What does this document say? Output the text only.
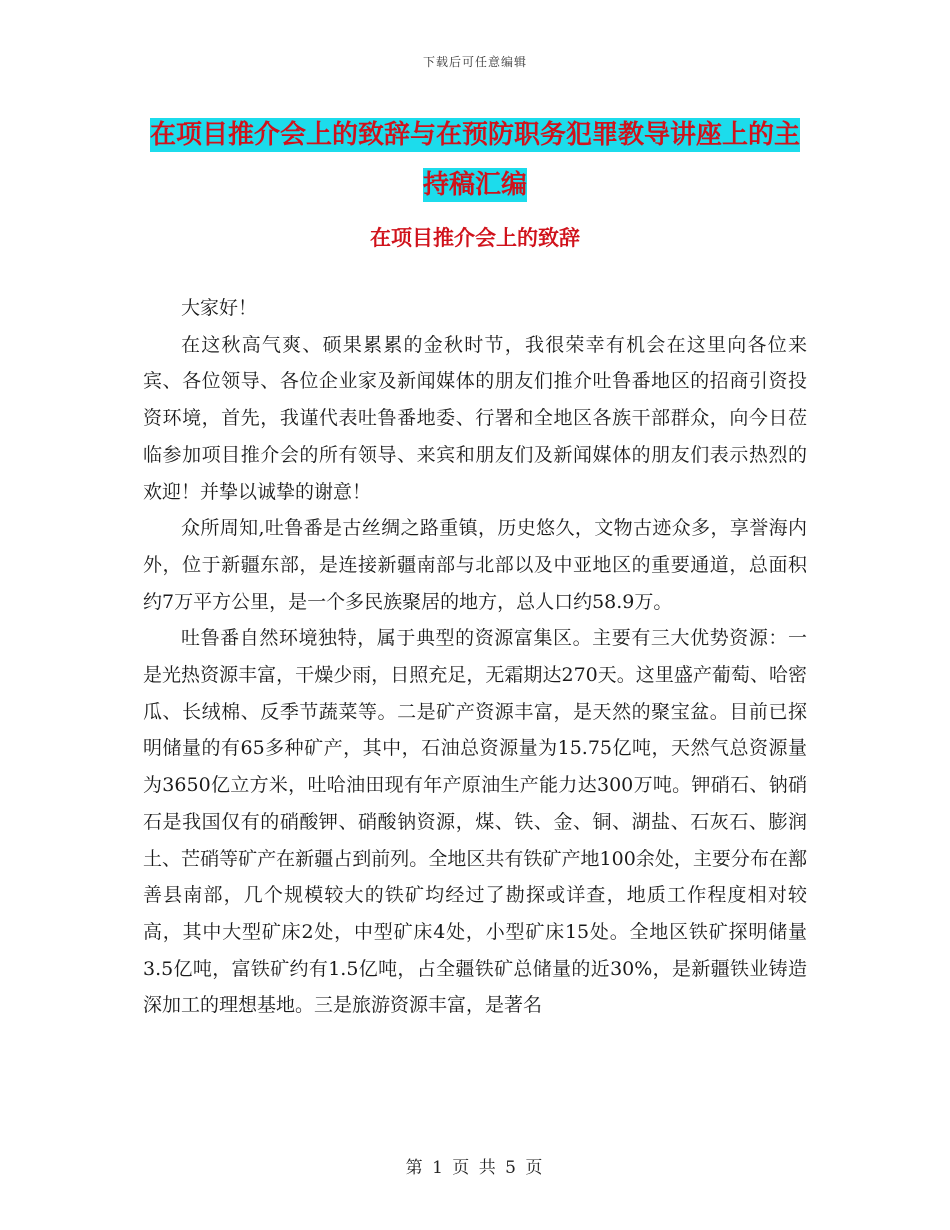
下载后可任意编辑
在项目推介会上的致辞与在预防职务犯罪教导讲座上的主持稿汇编
在项目推介会上的致辞

大家好！

在这秋高气爽、硕果累累的金秋时节，我很荣幸有机会在这里向各位来宾、各位领导、各位企业家及新闻媒体的朋友们推介吐鲁番地区的招商引资投资环境，首先，我谨代表吐鲁番地委、行署和全地区各族干部群众，向今日莅临参加项目推介会的所有领导、来宾和朋友们及新闻媒体的朋友们表示热烈的欢迎！并挚以诚挚的谢意！

众所周知,吐鲁番是古丝绸之路重镇，历史悠久，文物古迹众多，享誉海内外，位于新疆东部，是连接新疆南部与北部以及中亚地区的重要通道，总面积约7万平方公里，是一个多民族聚居的地方，总人口约58.9万。

吐鲁番自然环境独特，属于典型的资源富集区。主要有三大优势资源：一是光热资源丰富，干燥少雨，日照充足，无霜期达270天。这里盛产葡萄、哈密瓜、长绒棉、反季节蔬菜等。二是矿产资源丰富，是天然的聚宝盆。目前已探明储量的有65多种矿产，其中，石油总资源量为15.75亿吨，天然气总资源量为3650亿立方米，吐哈油田现有年产原油生产能力达300万吨。钾硝石、钠硝石是我国仅有的硝酸钾、硝酸钠资源，煤、铁、金、铜、湖盐、石灰石、膨润土、芒硝等矿产在新疆占到前列。全地区共有铁矿产地100余处，主要分布在鄯善县南部，几个规模较大的铁矿均经过了勘探或详查，地质工作程度相对较高，其中大型矿床2处，中型矿床4处，小型矿床15处。全地区铁矿探明储量3.5亿吨，富铁矿约有1.5亿吨，占全疆铁矿总储量的近30%，是新疆铁业铸造深加工的理想基地。三是旅游资源丰富，是著名

第 1 页 共 5 页
